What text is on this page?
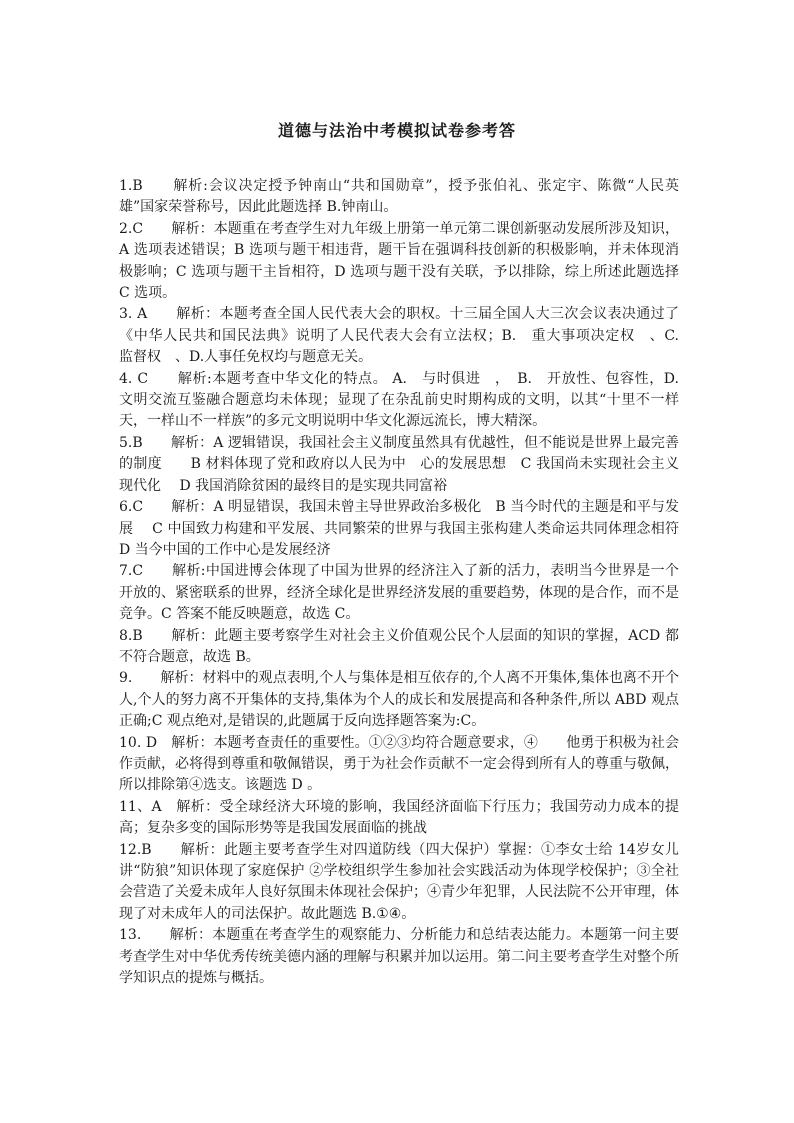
道德与法治中考模拟试卷参考答

1.B　　解析:会议决定授予钟南山“共和国勋章”，授予张伯礼、张定宇、陈微“人民英雄”国家荣誉称号，因此此题选择 B.钟南山。

2.C　　解析：本题重在考查学生对九年级上册第一单元第二课创新驱动发展所涉及知识，A 选项表述错误；B 选项与题干相违背，题干旨在强调科技创新的积极影响，并未体现消极影响；C 选项与题干主旨相符，D 选项与题干没有关联，予以排除，综上所述此题选择 C 选项。

3. A　　解析：本题考查全国人民代表大会的职权。十三届全国人大三次会议表决通过了《中华人民共和国民法典》说明了人民代表大会有立法权；B.　重大事项决定权　、C.　监督权　、D.人事任免权均与题意无关。

4. C　　解析:本题考查中华文化的特点。 A.　与时俱进　，　B.　开放性、包容性，D.　文明交流互鉴融合题意均未体现；显现了在杂乱前史时期构成的文明，以其“十里不一样天，一样山不一样族”的多元文明说明中华文化源远流长，博大精深。

5.B　　解析：A 逻辑错误，我国社会主义制度虽然具有优越性，但不能说是世界上最完善的制度　　B 材料体现了党和政府以人民为中　心的发展思想　C 我国尚未实现社会主义现代化　 D 我国消除贫困的最终目的是实现共同富裕

6.C　　解析：A 明显错误，我国未曾主导世界政治多极化　B 当今时代的主题是和平与发展　 C 中国致力构建和平发展、共同繁荣的世界与我国主张构建人类命运共同体理念相符　 D 当今中国的工作中心是发展经济

7.C　　解析:中国进博会体现了中国为世界的经济注入了新的活力，表明当今世界是一个开放的、紧密联系的世界，经济全球化是世界经济发展的重要趋势，体现的是合作，而不是竞争。C 答案不能反映题意，故选 C。

8.B　　解析：此题主要考察学生对社会主义价值观公民个人层面的知识的掌握，ACD 都不符合题意，故选 B。

9.　　解析：材料中的观点表明,个人与集体是相互依存的,个人离不开集体,集体也离不开个人,个人的努力离不开集体的支持,集体为个人的成长和发展提高和各种条件,所以 ABD 观点正确;C 观点绝对,是错误的,此题属于反向选择题答案为:C。

10. D　解析：本题考查责任的重要性。①②③均符合题意要求，④　　他勇于积极为社会作贡献，必将得到尊重和敬佩错误，勇于为社会作贡献不一定会得到所有人的尊重与敬佩，所以排除第④选支。该题选 D 。

11、A　解析：受全球经济大环境的影响，我国经济面临下行压力；我国劳动力成本的提高；复杂多变的国际形势等是我国发展面临的挑战

12.B　　解析：此题主要考查学生对四道防线（四大保护）掌握：①李女士给 14岁女儿讲“防狼”知识体现了家庭保护 ②学校组织学生参加社会实践活动为体现学校保护；③全社会营造了关爱未成年人良好氛围未体现社会保护；④青少年犯罪，人民法院不公开审理，体现了对未成年人的司法保护。故此题选 B.①④。

13.　　解析：本题重在考查学生的观察能力、分析能力和总结表达能力。本题第一问主要考查学生对中华优秀传统美德内涵的理解与积累并加以运用。第二问主要考查学生对整个所学知识点的提炼与概括。
